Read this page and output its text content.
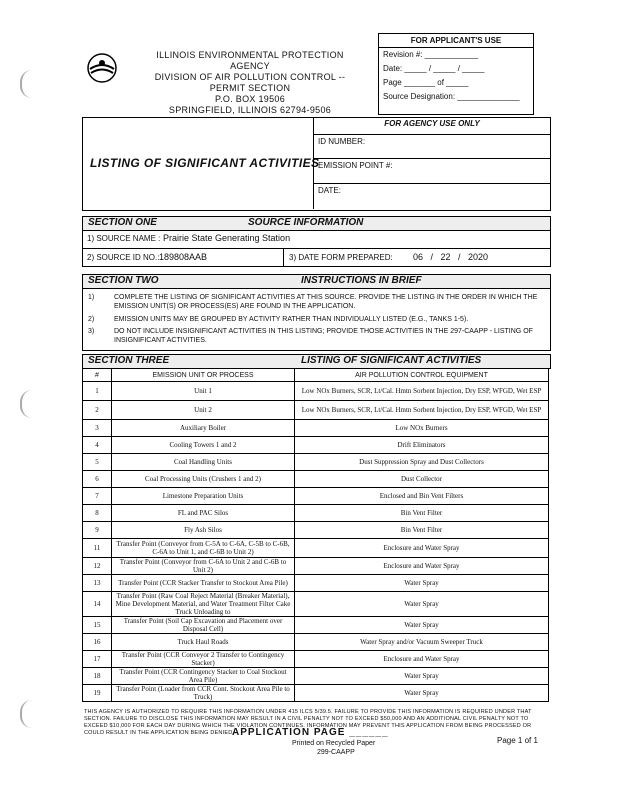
ILLINOIS ENVIRONMENTAL PROTECTION AGENCY
DIVISION OF AIR POLLUTION CONTROL -- PERMIT SECTION
P.O. BOX 19506
SPRINGFIELD, ILLINOIS 62794-9506
FOR APPLICANT'S USE
Revision #: ____________
Date: _____ / _____ / _____
Page _______ of _____
Source Designation: ______________
LISTING OF SIGNIFICANT ACTIVITIES
FOR AGENCY USE ONLY
ID NUMBER:
EMISSION POINT #:
DATE:
SECTION ONE	SOURCE INFORMATION
1) SOURCE NAME : Prairie State Generating Station
2) SOURCE ID NO.: 189808AAB	3) DATE FORM PREPARED: 06   /   22   /   2020
SECTION TWO	INSTRUCTIONS IN BRIEF
1)	COMPLETE THE LISTING OF SIGNIFICANT ACTIVITIES AT THIS SOURCE. PROVIDE THE LISTING IN THE ORDER IN WHICH THE EMISSION UNIT(S) OR PROCESS(ES) ARE FOUND IN THE APPLICATION.
2)	EMISSION UNITS MAY BE GROUPED BY ACTIVITY RATHER THAN INDIVIDUALLY LISTED (E.G., TANKS 1-5).
3)	DO NOT INCLUDE INSIGNIFICANT ACTIVITIES IN THIS LISTING; PROVIDE THOSE ACTIVITIES IN THE 297-CAAPP - LISTING OF INSIGNIFICANT ACTIVITIES.
SECTION THREE	LISTING OF SIGNIFICANT ACTIVITIES
#	EMISSION UNIT OR PROCESS	AIR POLLUTION CONTROL EQUIPMENT
1	Unit 1	Low NOx Burners, SCR, Lt/Cal. Hmtn Sorbent Injection, Dry ESP, WFGD, Wet ESP
2	Unit 2	Low NOx Burners, SCR, Lt/Cal. Hmtn Sorbent Injection, Dry ESP, WFGD, Wet ESP
3	Auxiliary Boiler	Low NOx Burners
4	Cooling Towers 1 and 2	Drift Eliminators
5	Coal Handling Units	Dust Suppression Spray and Dust Collectors
6	Coal Processing Units (Crushers 1 and 2)	Dust Collector
7	Limestone Preparation Units	Enclosed and Bin Vent Filters
8	FL and PAC Silos	Bin Vent Filter
9	Fly Ash Silos	Bin Vent Filter
11	Transfer Point (Conveyor from C-5A to C-6A, C-5B to C-6B, C-6A to Unit 1, and C-6B to Unit 2)	Enclosure and Water Spray
12	Transfer Point (Conveyor from C-6A to Unit 2 and C-6B to Unit 2)	Enclosure and Water Spray
13	Transfer Point (CCR Stacker Transfer to Stockout Area Pile)	Water Spray
14	Transfer Point (Raw Coal Reject Material (Breaker Material), Mine Development Material, and Water Treatment Filter Cake Truck Unloading to	Water Spray
15	Transfer Point (Soil Cap Excavation and Placement over Disposal Cell)	Water Spray
16	Truck Haul Roads	Water Spray and/or Vacuum Sweeper Truck
17	Transfer Point (CCR Conveyor 2 Transfer to Contingency Stacker)	Enclosure and Water Spray
18	Transfer Point (CCR Contingency Stacker to Coal Stockout Area Pile)	Water Spray
19	Transfer Point (Loader from CCR Cont. Stockout Area Pile to Truck)	Water Spray
THIS AGENCY IS AUTHORIZED TO REQUIRE THIS INFORMATION UNDER 415 ILCS 5/39.5. FAILURE TO PROVIDE THIS INFORMATION IS REQUIRED UNDER THAT SECTION. FAILURE TO DISCLOSE THIS INFORMATION MAY RESULT IN A CIVIL PENALTY NOT TO EXCEED $50,000 AND AN ADDITIONAL CIVIL PENALTY NOT TO EXCEED $10,000 FOR EACH DAY DURING WHICH THE VIOLATION CONTINUES. INFORMATION MAY PREVENT THIS APPLICATION FROM BEING PROCESSED OR COULD RESULT IN THE APPLICATION BEING DENIED.
APPLICATION PAGE ______
Printed on Recycled Paper
299-CAAPP
Page 1 of 1
